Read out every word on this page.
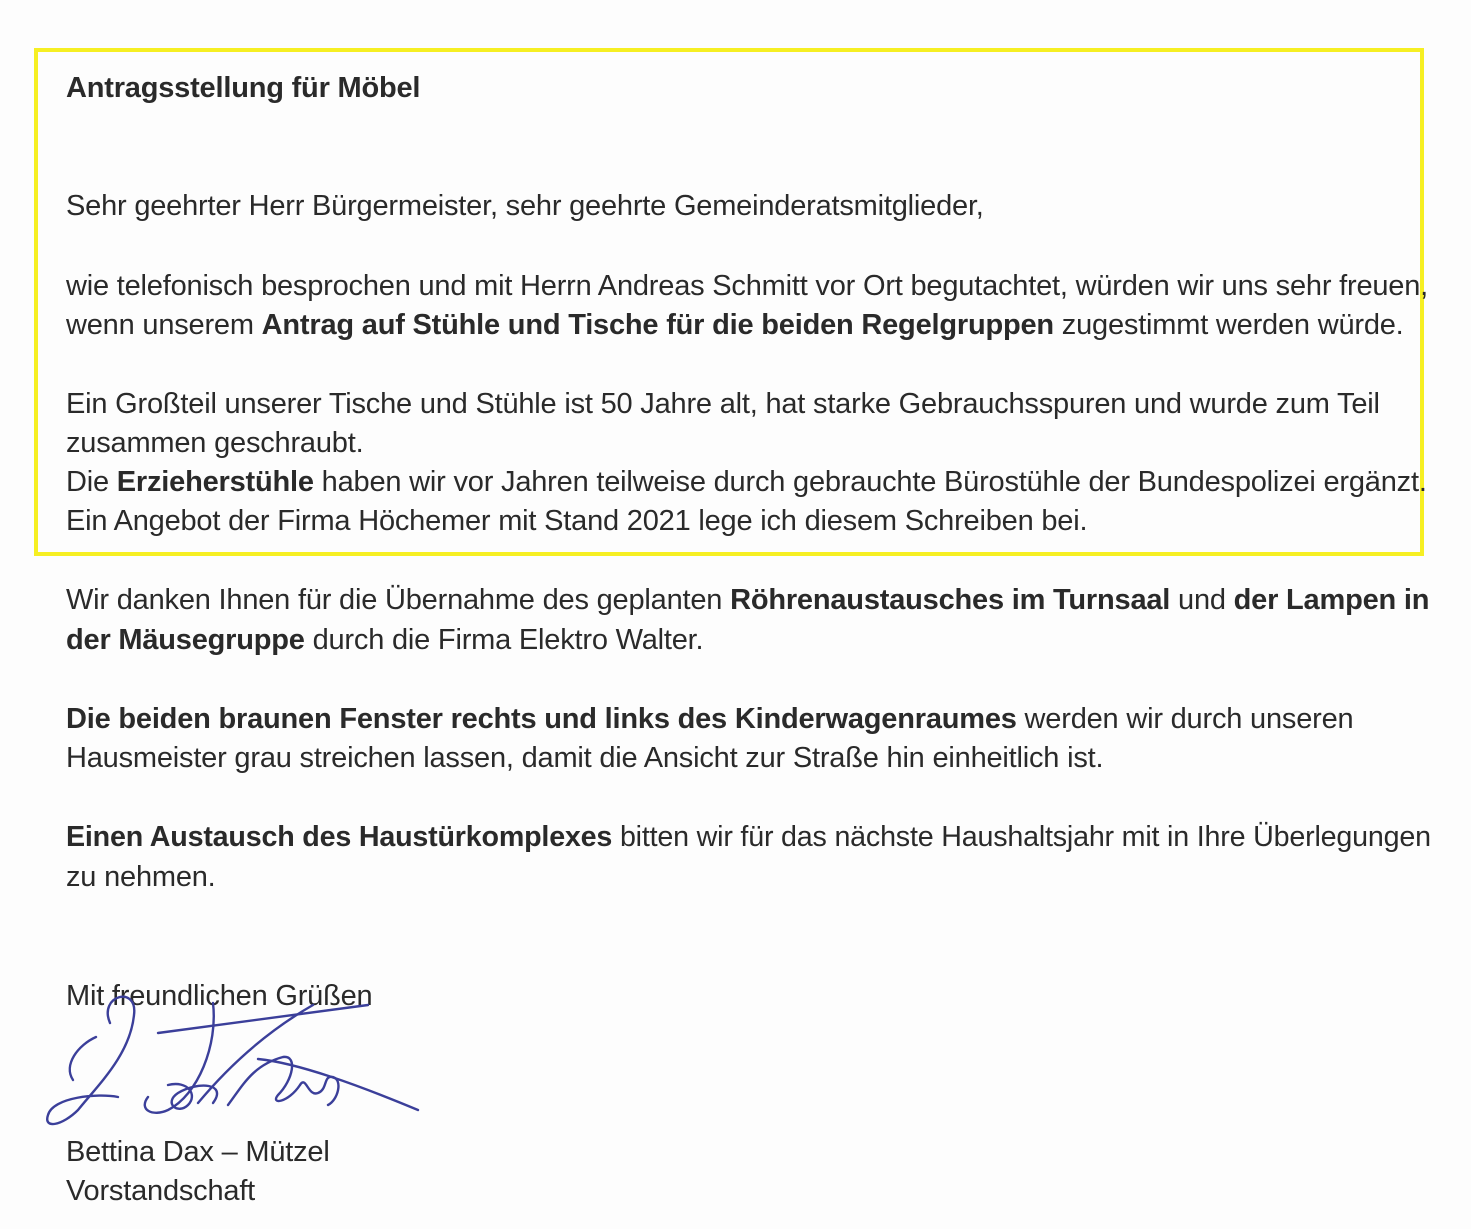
Antragsstellung für Möbel
Sehr geehrter Herr Bürgermeister, sehr geehrte Gemeinderatsmitglieder,
wie telefonisch besprochen und mit Herrn Andreas Schmitt vor Ort begutachtet, würden wir uns sehr freuen,
wenn unserem Antrag auf Stühle und Tische für die beiden Regelgruppen zugestimmt werden würde.
Ein Großteil unserer Tische und Stühle ist 50 Jahre alt, hat starke Gebrauchsspuren und wurde zum Teil
zusammen geschraubt.
Die Erzieherstühle haben wir vor Jahren teilweise durch gebrauchte Bürostühle der Bundespolizei ergänzt.
Ein Angebot der Firma Höchemer mit Stand 2021 lege ich diesem Schreiben bei.
Wir danken Ihnen für die Übernahme des geplanten Röhrenaustausches im Turnsaal und der Lampen in
der Mäusegruppe durch die Firma Elektro Walter.
Die beiden braunen Fenster rechts und links des Kinderwagenraumes werden wir durch unseren
Hausmeister grau streichen lassen, damit die Ansicht zur Straße hin einheitlich ist.
Einen Austausch des Haustürkomplexes bitten wir für das nächste Haushaltsjahr mit in Ihre Überlegungen
zu nehmen.
Mit freundlichen Grüßen
Bettina Dax – Mützel
Vorstandschaft
